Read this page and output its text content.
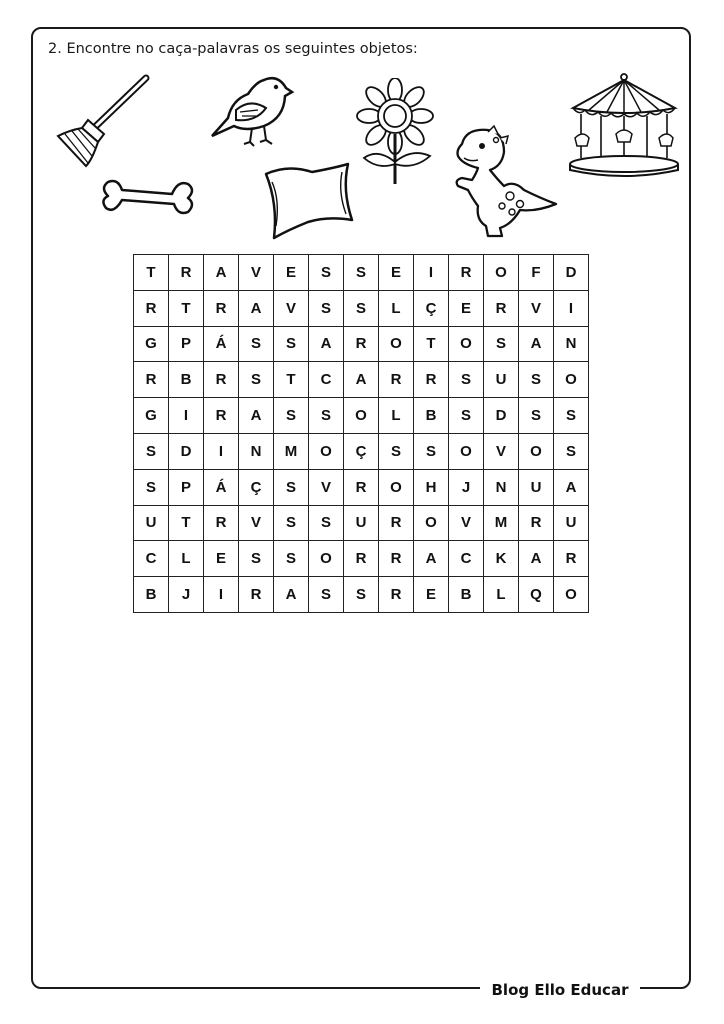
2. Encontre no caça-palavras os seguintes objetos:
T	R	A	V	E	S	S	E	I	R	O	F	D
R	T	R	A	V	S	S	L	Ç	E	R	V	I
G	P	Á	S	S	A	R	O	T	O	S	A	N
R	B	R	S	T	C	A	R	R	S	U	S	O
G	I	R	A	S	S	O	L	B	S	D	S	S
S	D	I	N	M	O	Ç	S	S	O	V	O	S
S	P	Á	Ç	S	V	R	O	H	J	N	U	A
U	T	R	V	S	S	U	R	O	V	M	R	U
C	L	E	S	S	O	R	R	A	C	K	A	R
B	J	I	R	A	S	S	R	E	B	L	Q	O
Blog Ello Educar
